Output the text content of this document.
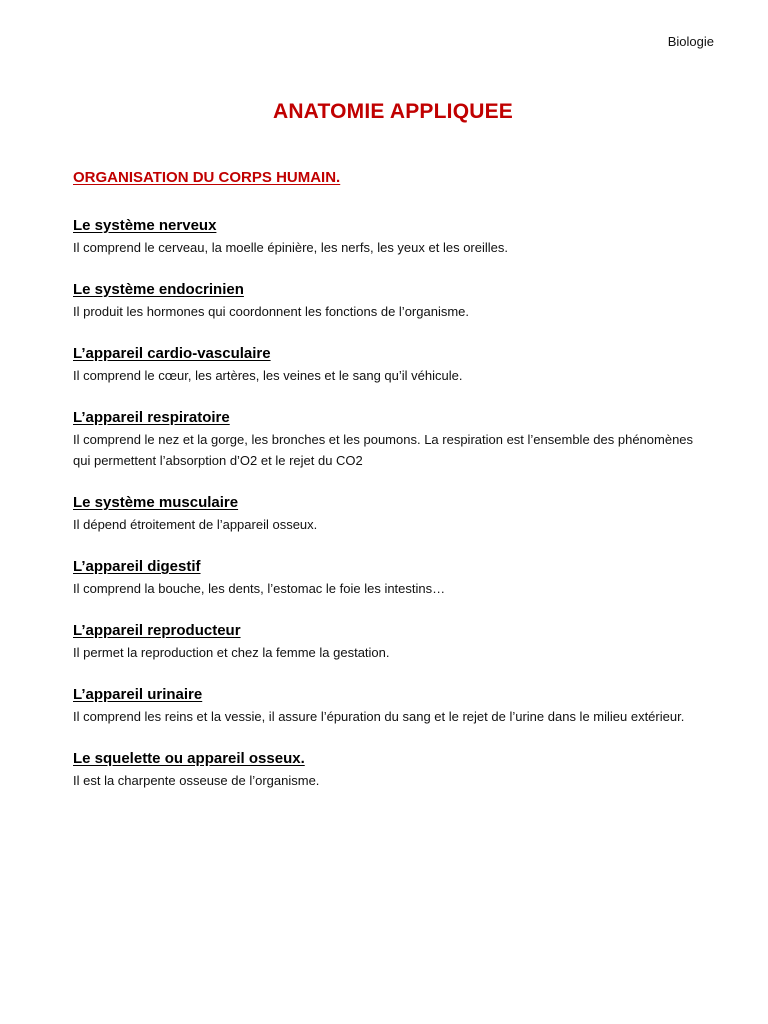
Biologie
ANATOMIE APPLIQUEE
ORGANISATION DU CORPS HUMAIN.
Le système nerveux

Il comprend le cerveau, la moelle épinière, les nerfs, les yeux et les oreilles.

Le système endocrinien

Il produit les hormones qui coordonnent les fonctions de l’organisme.

L’appareil cardio-vasculaire

Il comprend le cœur, les artères, les veines et le sang qu’il véhicule.

L’appareil respiratoire

Il comprend le nez et la gorge, les bronches et les poumons. La respiration est l’ensemble des phénomènes qui permettent l’absorption d’O2 et le rejet du CO2

Le système musculaire

Il dépend étroitement de l’appareil osseux.

L’appareil digestif

Il comprend la bouche, les dents, l’estomac le foie les intestins…

L’appareil reproducteur

Il permet la reproduction et chez la femme la gestation.

L’appareil urinaire

Il comprend les reins et la vessie, il assure l’épuration du sang et le rejet de l’urine dans le milieu extérieur.

Le squelette ou appareil osseux.

Il est la charpente osseuse de l’organisme.
